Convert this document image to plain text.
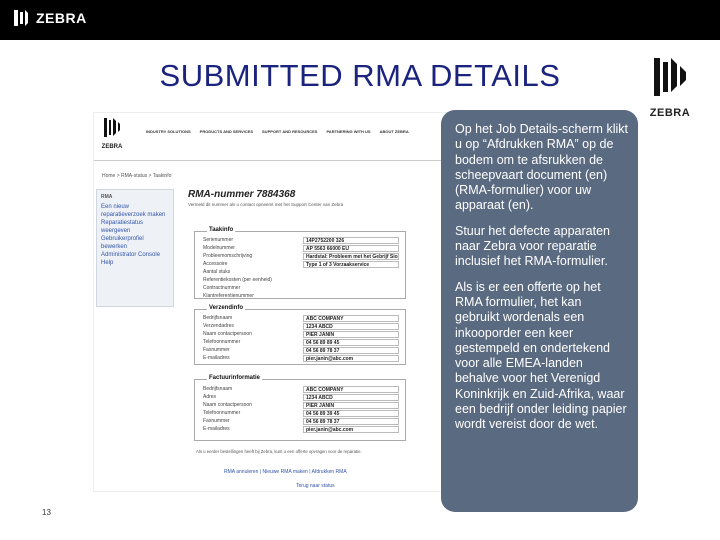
ZEBRA
SUBMITTED RMA DETAILS
ZEBRA
ZEBRA
INDUSTRY SOLUTIONS PRODUCTS AND SERVICES SUPPORT AND RESOURCES PARTNERING WITH US ABOUT ZEBRA
Home > RMA-status > Taakinfo
RMA
Een nieuw reparatieverzoek maken
Reparatiestatus weergeven
Gebruikerprofiel bewerken
Administrator Console
Help
RMA-nummer 7884368
Vermeld dit nummer als u contact opneemt met het Support Center van Zebra
Taakinfo
Serienummer	14P2752200 326
Modelnummer	AP 5563 66000 EU
Probleemomschrijving	Hardstal: Probleem met het Gebrijf Sio
Accessoire	Type 1 of 3 Vorzaakservice
Aantal stuks
Referentiekosten (per eenheid)
Contractnummer
Klantreferentienummer
Verzendinfo
Bedrijfsnaam	ABC COMPANY
Verzendadres	1234 ABCD
Naam contactpersoon	PIER JANIN
Telefoonnummer	04 56 89 89 45
Faxnummer	04 56 89 78 37
E-mailadres	pier.janin@abc.com
Factuurinformatie
Bedrijfsnaam	ABC COMPANY
Adres	1234 ABCD
Naam contactpersoon	PIER JANIN
Telefoonnummer	04 56 89 39 45
Faxnummer	04 56 89 78 37
E-mailadres	pier.janin@abc.com
Als u eerder bestellingen heeft bij Zebra, kunt u een offerte opvragen voor de reparatie.
RMA annuleren | Nieuwe RMA maken | Afdrukken RMA
Terug naar status

Op het Job Details-scherm klikt u op “Afdrukken RMA” op de bodem om te afsrukken de scheepvaart document (en) (RMA-formulier) voor uw apparaat (en).

Stuur het defecte apparaten naar Zebra voor reparatie inclusief het RMA-formulier.

Als is er een offerte op het RMA formulier, het kan gebruikt wordenals een inkooporder een keer gestempeld en ondertekend voor alle EMEA-landen behalve voor het Verenigd Koninkrijk en Zuid-Afrika, waar een bedrijf onder leiding papier wordt vereist door de wet.

13
